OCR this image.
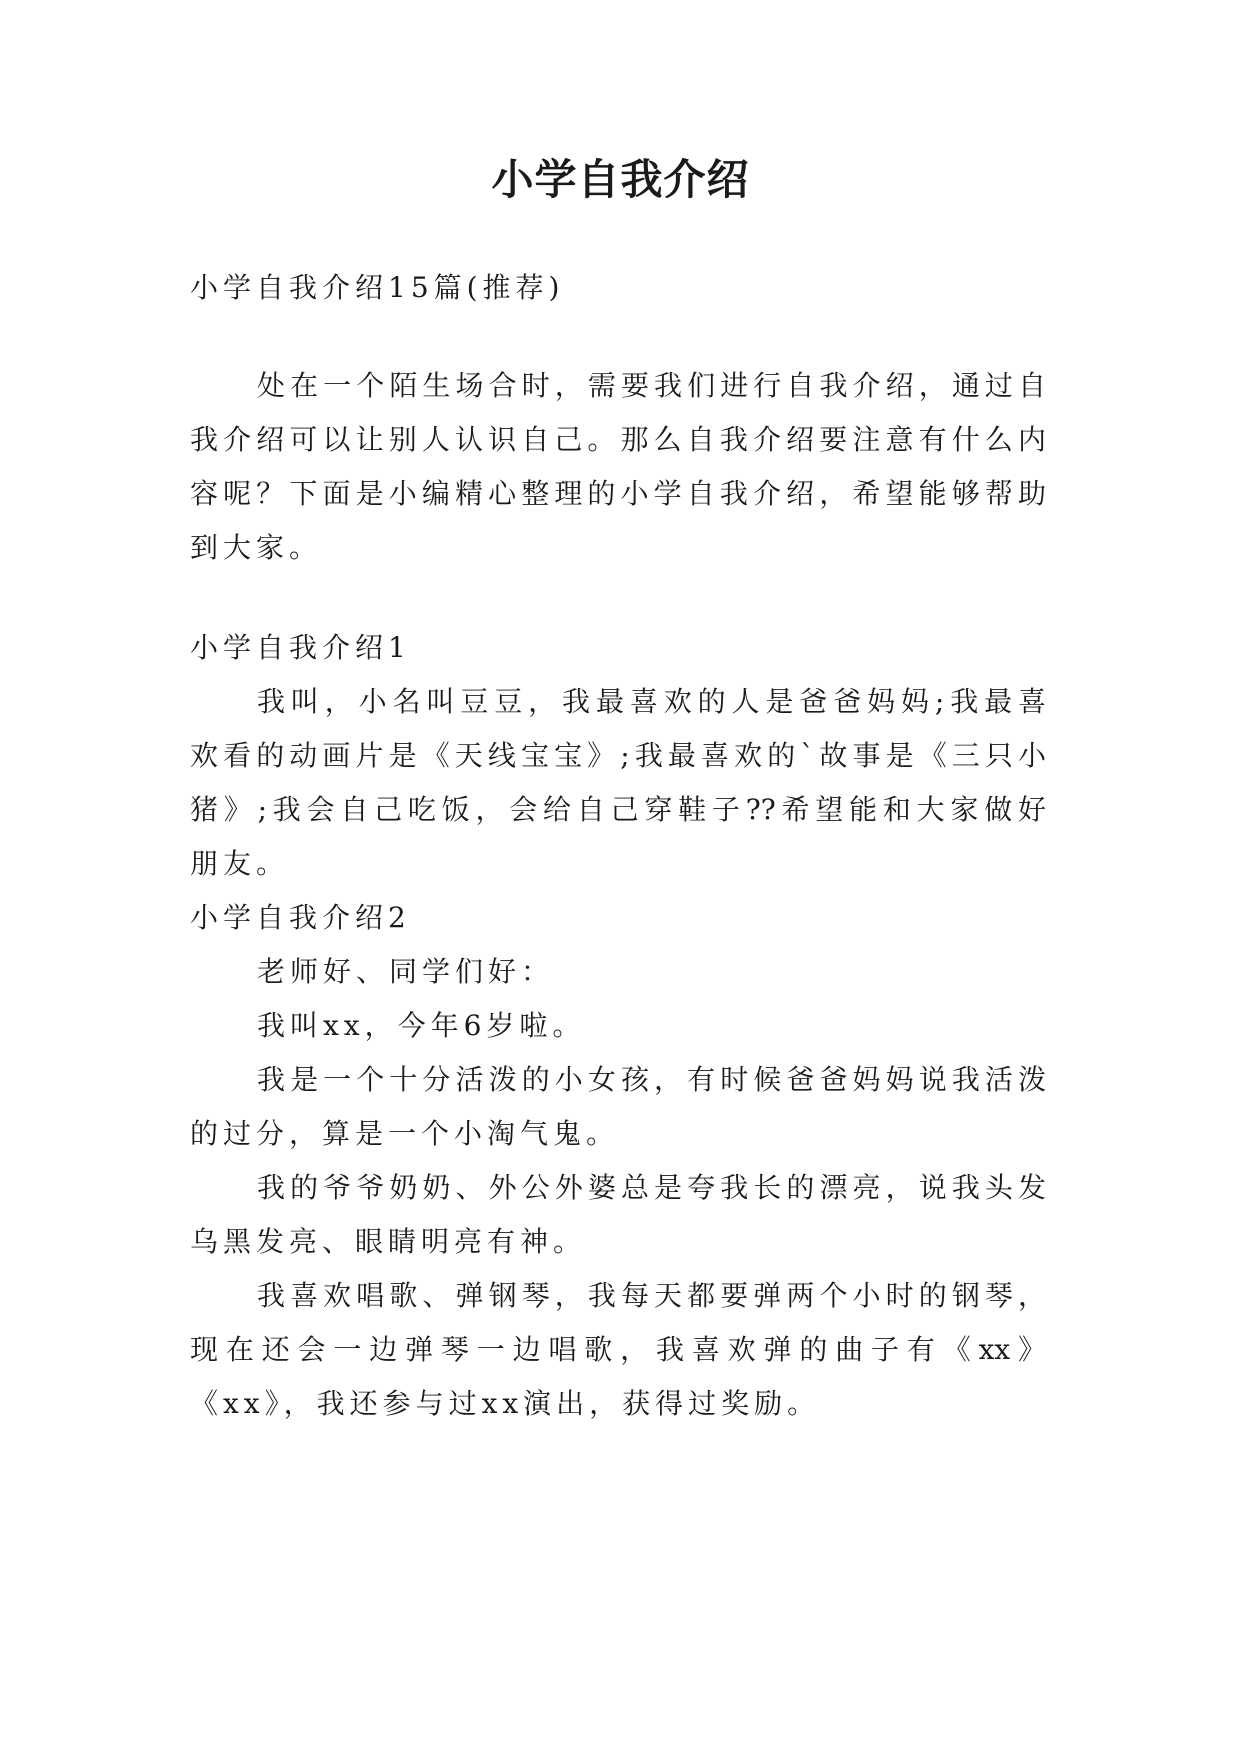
小学自我介绍
小学自我介绍15篇(推荐)
处在一个陌生场合时，需要我们进行自我介绍，通过自
我介绍可以让别人认识自己。那么自我介绍要注意有什么内
容呢？下面是小编精心整理的小学自我介绍，希望能够帮助
到大家。
小学自我介绍1
我叫，小名叫豆豆，我最喜欢的人是爸爸妈妈;我最喜
欢看的动画片是《天线宝宝》;我最喜欢的`故事是《三只小
猪》;我会自己吃饭，会给自己穿鞋子??希望能和大家做好
朋友。
小学自我介绍2
老师好、同学们好：
我叫xx，今年6岁啦。
我是一个十分活泼的小女孩，有时候爸爸妈妈说我活泼
的过分，算是一个小淘气鬼。
我的爷爷奶奶、外公外婆总是夸我长的漂亮，说我头发
乌黑发亮、眼睛明亮有神。
我喜欢唱歌、弹钢琴，我每天都要弹两个小时的钢琴，
现在还会一边弹琴一边唱歌，我喜欢弹的曲子有《xx》
《xx》，我还参与过xx演出，获得过奖励。
